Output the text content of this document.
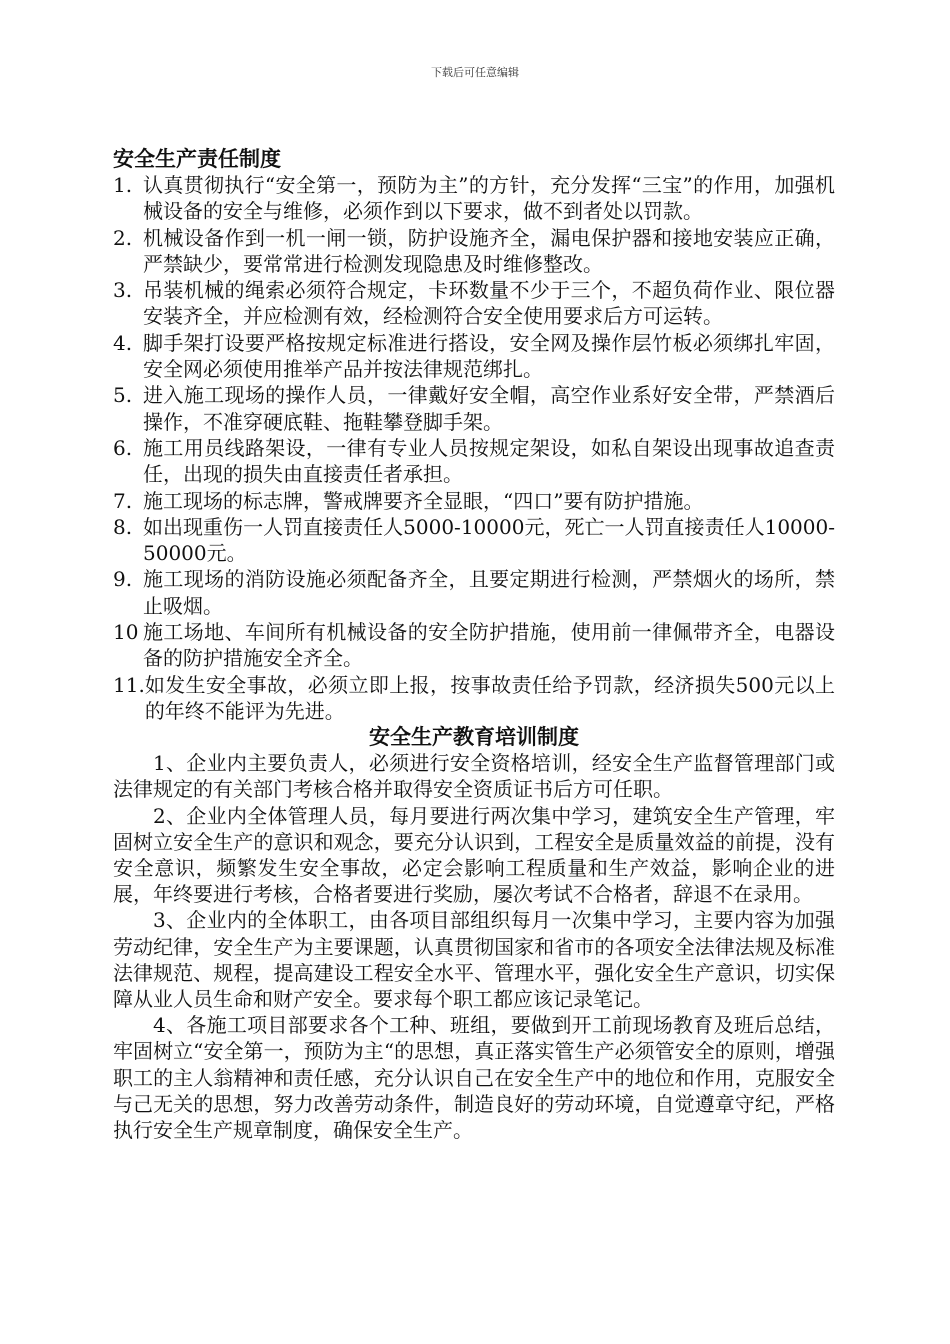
下载后可任意编辑
安全生产责任制度
1. 认真贯彻执行“安全第一，预防为主”的方针，充分发挥“三宝”的作用，加强机械设备的安全与维修，必须作到以下要求，做不到者处以罚款。
2. 机械设备作到一机一闸一锁，防护设施齐全，漏电保护器和接地安装应正确，严禁缺少，要常常进行检测发现隐患及时维修整改。
3. 吊装机械的绳索必须符合规定，卡环数量不少于三个，不超负荷作业、限位器安装齐全，并应检测有效，经检测符合安全使用要求后方可运转。
4. 脚手架打设要严格按规定标准进行搭设，安全网及操作层竹板必须绑扎牢固，安全网必须使用推举产品并按法律规范绑扎。
5. 进入施工现场的操作人员，一律戴好安全帽，高空作业系好安全带，严禁酒后操作，不准穿硬底鞋、拖鞋攀登脚手架。
6. 施工用员线路架设，一律有专业人员按规定架设，如私自架设出现事故追查责任，出现的损失由直接责任者承担。
7. 施工现场的标志牌，警戒牌要齐全显眼，“四口”要有防护措施。
8. 如出现重伤一人罚直接责任人5000-10000元，死亡一人罚直接责任人10000-50000元。
9. 施工现场的消防设施必须配备齐全，且要定期进行检测，严禁烟火的场所，禁止吸烟。
10 施工场地、车间所有机械设备的安全防护措施，使用前一律佩带齐全，电器设备的防护措施安全齐全。
11. 如发生安全事故，必须立即上报，按事故责任给予罚款，经济损失500元以上的年终不能评为先进。
安全生产教育培训制度

1、企业内主要负责人，必须进行安全资格培训，经安全生产监督管理部门或法律规定的有关部门考核合格并取得安全资质证书后方可任职。

2、企业内全体管理人员，每月要进行两次集中学习，建筑安全生产管理，牢固树立安全生产的意识和观念，要充分认识到，工程安全是质量效益的前提，没有安全意识，频繁发生安全事故，必定会影响工程质量和生产效益，影响企业的进展，年终要进行考核，合格者要进行奖励，屡次考试不合格者，辞退不在录用。

3、企业内的全体职工，由各项目部组织每月一次集中学习，主要内容为加强劳动纪律，安全生产为主要课题，认真贯彻国家和省市的各项安全法律法规及标准法律规范、规程，提高建设工程安全水平、管理水平，强化安全生产意识，切实保障从业人员生命和财产安全。要求每个职工都应该记录笔记。

4、各施工项目部要求各个工种、班组，要做到开工前现场教育及班后总结，牢固树立“安全第一，预防为主“的思想，真正落实管生产必须管安全的原则，增强职工的主人翁精神和责任感，充分认识自己在安全生产中的地位和作用，克服安全与己无关的思想，努力改善劳动条件，制造良好的劳动环境，自觉遵章守纪，严格执行安全生产规章制度，确保安全生产。
